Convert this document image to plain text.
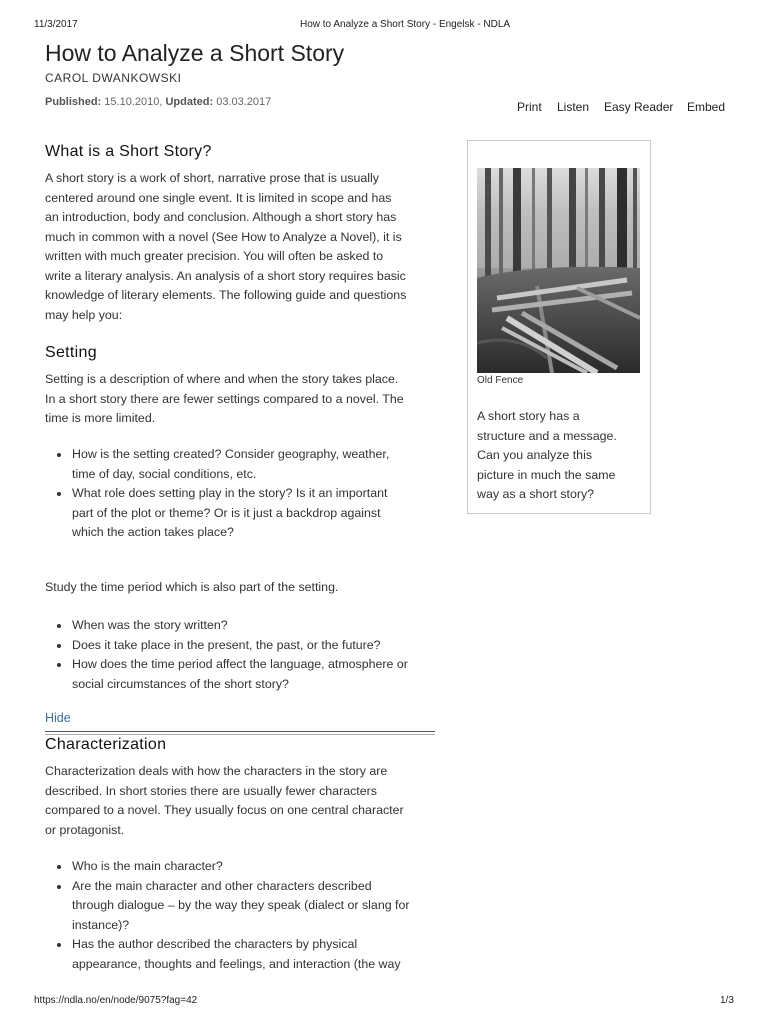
11/3/2017	How to Analyze a Short Story - Engelsk - NDLA
How to Analyze a Short Story
CAROL DWANKOWSKI
Published: 15.10.2010, Updated: 03.03.2017	Print Listen Easy Reader Embed
What is a Short Story?
A short story is a work of short, narrative prose that is usually
centered around one single event. It is limited in scope and has
an introduction, body and conclusion. Although a short story has
much in common with a novel (See How to Analyze a Novel), it is
written with much greater precision. You will often be asked to
write a literary analysis. An analysis of a short story requires basic
knowledge of literary elements. The following guide and questions
may help you:
Setting
Setting is a description of where and when the story takes place.
In a short story there are fewer settings compared to a novel. The
time is more limited.
How is the setting created? Consider geography, weather,
time of day, social conditions, etc.
What role does setting play in the story? Is it an important
part of the plot or theme? Or is it just a backdrop against
which the action takes place?
Study the time period which is also part of the setting.
When was the story written?
Does it take place in the present, the past, or the future?
How does the time period affect the language, atmosphere or
social circumstances of the short story?
Hide
Characterization
Characterization deals with how the characters in the story are
described. In short stories there are usually fewer characters
compared to a novel. They usually focus on one central character
or protagonist.
Who is the main character?
Are the main character and other characters described
through dialogue – by the way they speak (dialect or slang for
instance)?
Has the author described the characters by physical
appearance, thoughts and feelings, and interaction (the way
Old Fence
A short story has a
structure and a message.
Can you analyze this
picture in much the same
way as a short story?
https://ndla.no/en/node/9075?fag=42	1/3
